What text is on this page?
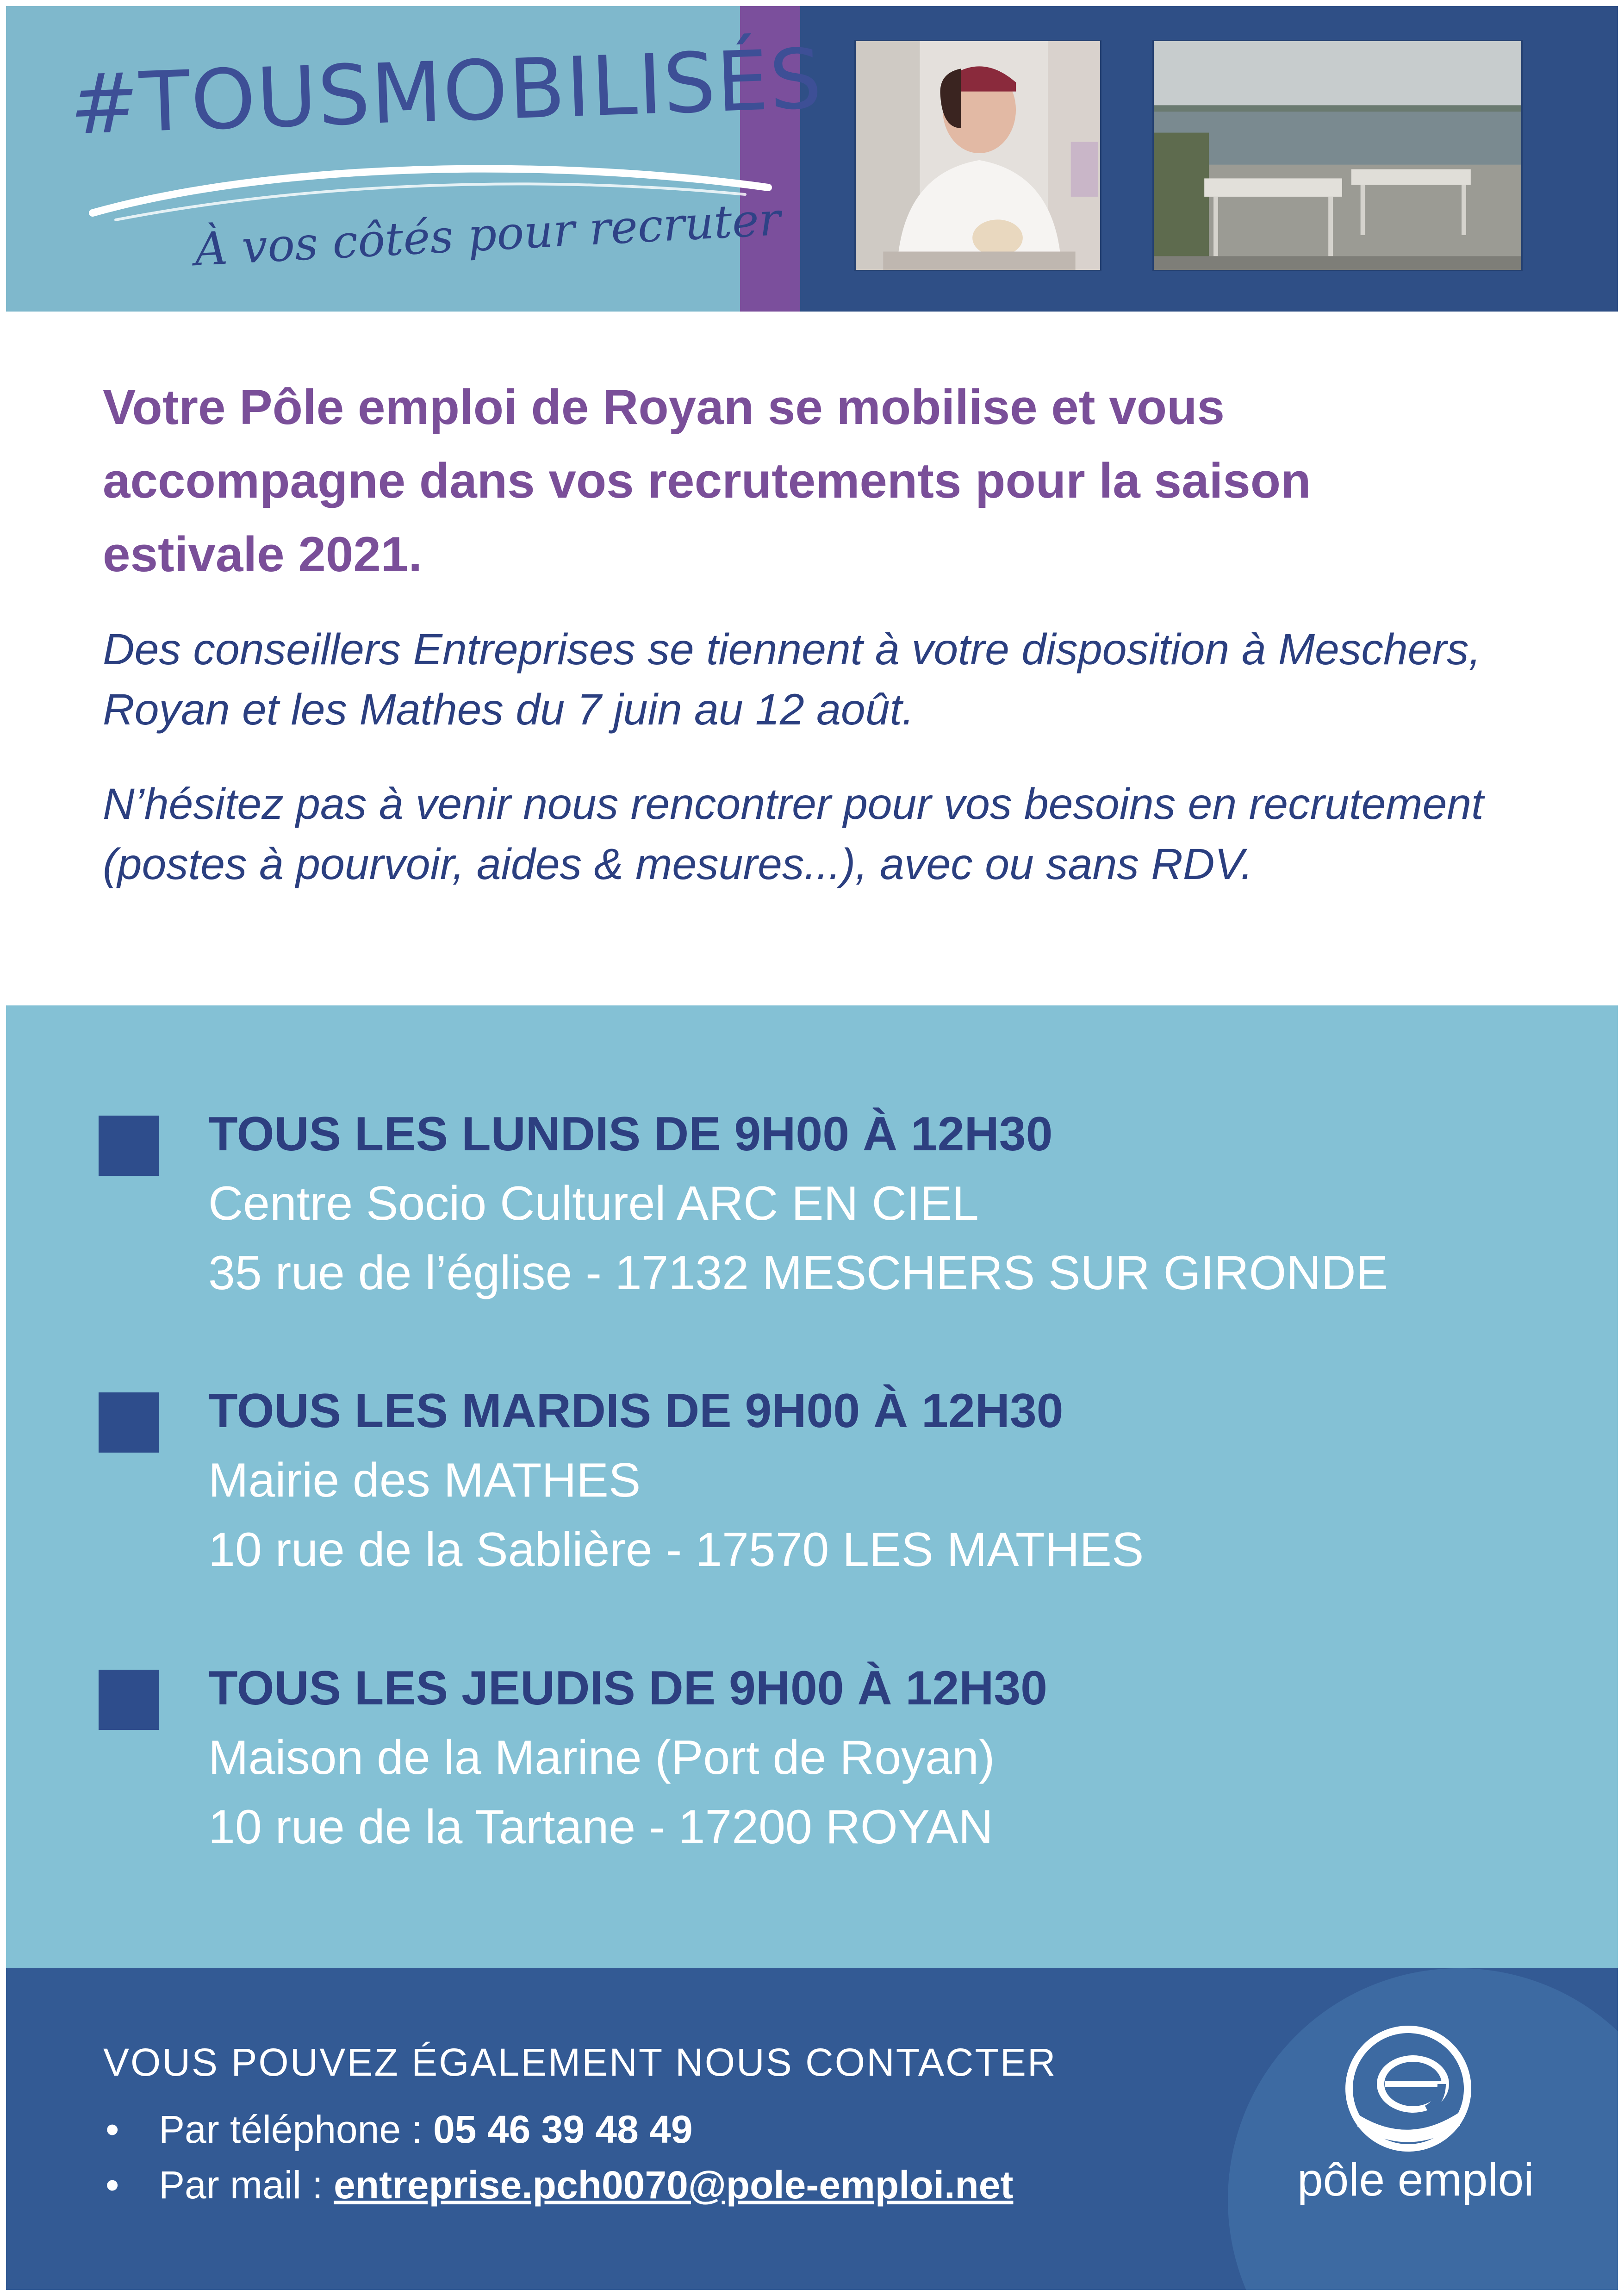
#TOUSMOBILISÉS
À vos côtés pour recruter
Votre Pôle emploi de Royan se mobilise et vous accompagne dans vos recrutements pour la saison estivale 2021.
Des conseillers Entreprises se tiennent à votre disposition à Meschers, Royan et les Mathes du 7 juin au 12 août.
N’hésitez pas à venir nous rencontrer pour vos besoins en recrutement (postes à pourvoir, aides & mesures...), avec ou sans RDV.
TOUS LES LUNDIS DE 9H00 À 12H30
Centre Socio Culturel ARC EN CIEL
35 rue de l’église - 17132 MESCHERS SUR GIRONDE
TOUS LES MARDIS DE 9H00 À 12H30
Mairie des MATHES
10 rue de la Sablière - 17570 LES MATHES
TOUS LES JEUDIS DE 9H00 À 12H30
Maison de la Marine (Port de Royan)
10 rue de la Tartane - 17200 ROYAN
VOUS POUVEZ ÉGALEMENT NOUS CONTACTER
• Par téléphone : 05 46 39 48 49
• Par mail : entreprise.pch0070@pole-emploi.net	pôle emploi
